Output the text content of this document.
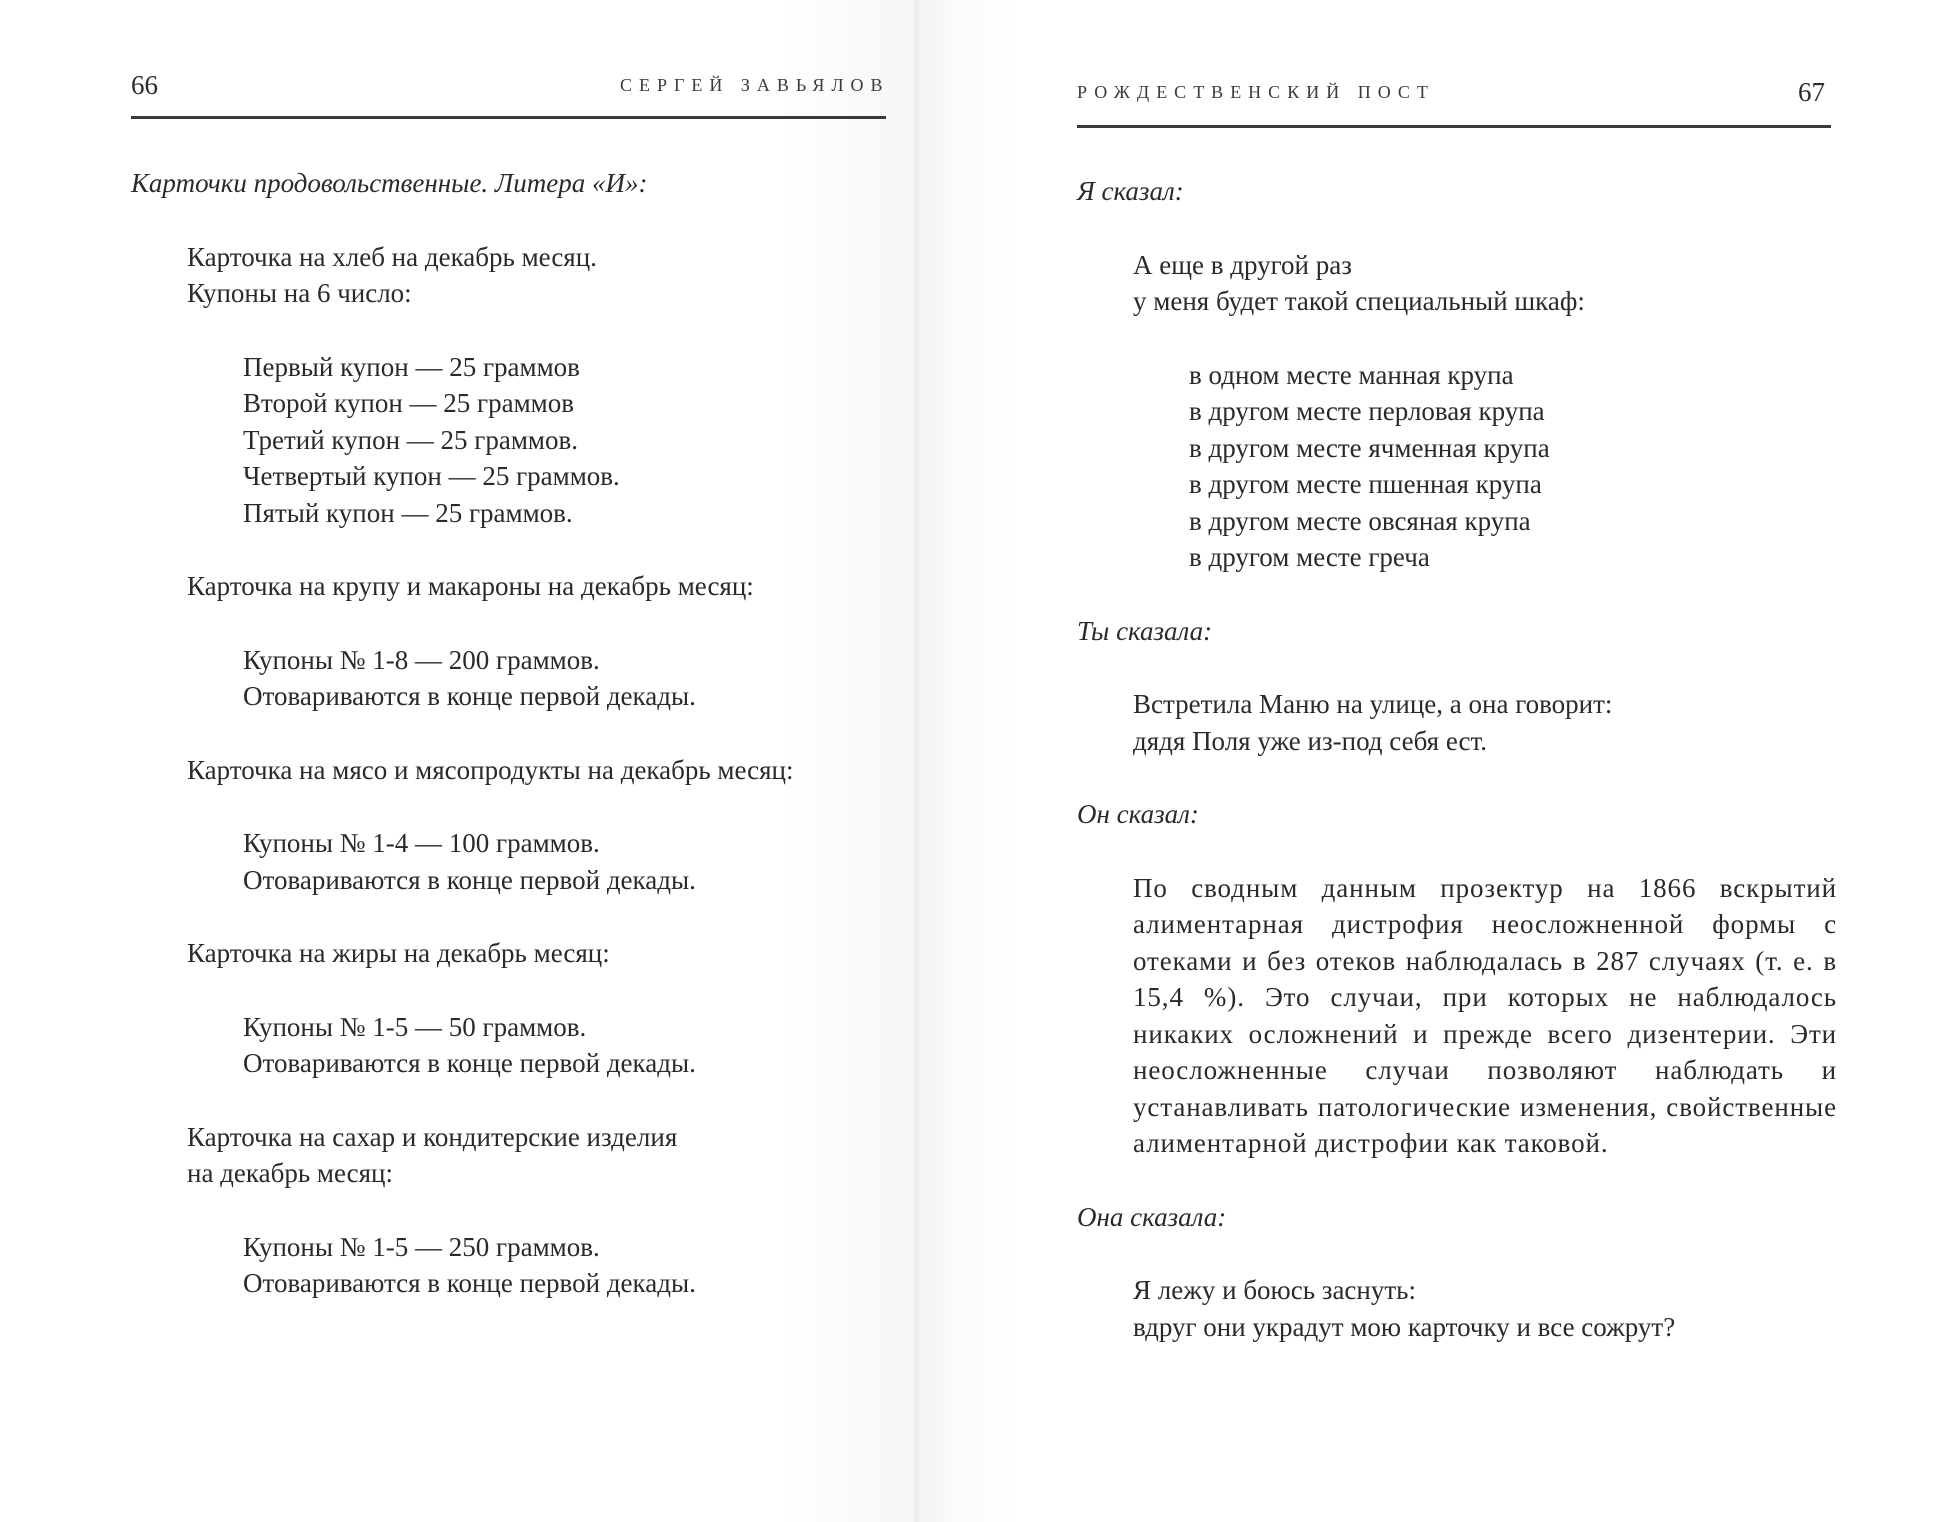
66	СЕРГЕЙ ЗАВЬЯЛОВ

Карточки продовольственные. Литера «И»:

Карточка на хлеб на декабрь месяц.

Купоны на 6 число:

Первый купон — 25 граммов

Второй купон — 25 граммов

Третий купон — 25 граммов.

Четвертый купон — 25 граммов.

Пятый купон — 25 граммов.

Карточка на крупу и макароны на декабрь месяц:

Купоны № 1-8 — 200 граммов.

Отовариваются в конце первой декады.

Карточка на мясо и мясопродукты на декабрь месяц:

Купоны № 1-4 — 100 граммов.

Отовариваются в конце первой декады.

Карточка на жиры на декабрь месяц:

Купоны № 1-5 — 50 граммов.

Отовариваются в конце первой декады.

Карточка на сахар и кондитерские изделия

на декабрь месяц:

Купоны № 1-5 — 250 граммов.

Отовариваются в конце первой декады.

РОЖДЕСТВЕНСКИЙ ПОСТ	67

Я сказал:

А еще в другой раз

у меня будет такой специальный шкаф:

в одном месте манная крупа

в другом месте перловая крупа

в другом месте ячменная крупа

в другом месте пшенная крупа

в другом месте овсяная крупа

в другом месте греча

Ты сказала:

Встретила Маню на улице, а она говорит:

дядя Поля уже из-под себя ест.

Он сказал:

По сводным данным прозектур на 1866 вскрытий алиментарная дистрофия неосложненной формы с отеками и без отеков наблюдалась в 287 случаях (т. е. в 15,4 %). Это случаи, при которых не наблюдалось никаких осложнений и прежде всего дизентерии. Эти неосложненные случаи позволяют наблюдать и устанавливать патологические изменения, свойственные алиментарной дистрофии как таковой.

Она сказала:

Я лежу и боюсь заснуть:

вдруг они украдут мою карточку и все сожрут?
